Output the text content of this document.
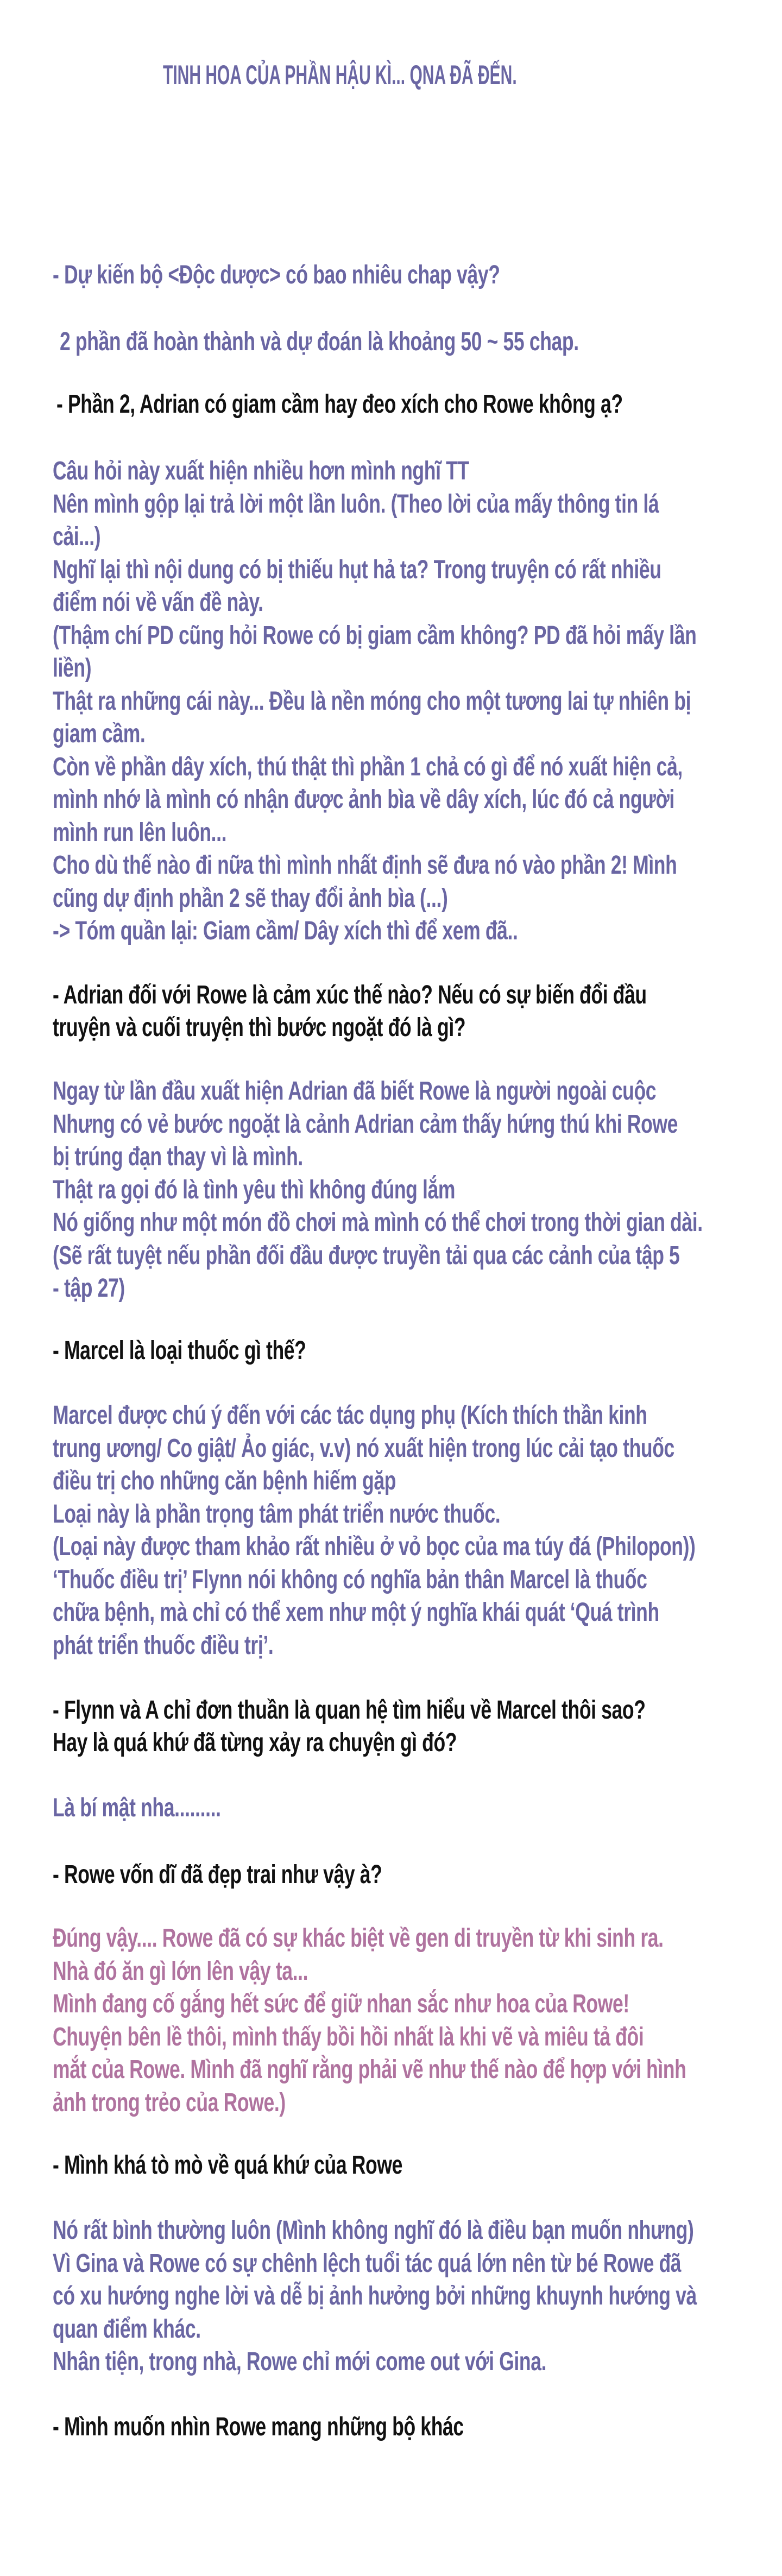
TINH HOA CỦA PHẦN HẬU KÌ... QNA ĐÃ ĐẾN.
- Dự kiến bộ <Độc dược> có bao nhiêu chap vậy?
2 phần đã hoàn thành và dự đoán là khoảng 50 ~ 55 chap.
- Phần 2, Adrian có giam cầm hay đeo xích cho Rowe không ạ?
Câu hỏi này xuất hiện nhiều hơn mình nghĩ TT
Nên mình gộp lại trả lời một lần luôn. (Theo lời của mấy thông tin lá
cải...)
Nghĩ lại thì nội dung có bị thiếu hụt hả ta? Trong truyện có rất nhiều
điểm nói về vấn đề này.
(Thậm chí PD cũng hỏi Rowe có bị giam cầm không? PD đã hỏi mấy lần
liền)
Thật ra những cái này... Đều là nền móng cho một tương lai tự nhiên bị
giam cầm.
Còn về phần dây xích, thú thật thì phần 1 chả có gì để nó xuất hiện cả,
mình nhớ là mình có nhận được ảnh bìa về dây xích, lúc đó cả người
mình run lên luôn...
Cho dù thế nào đi nữa thì mình nhất định sẽ đưa nó vào phần 2! Mình
cũng dự định phần 2 sẽ thay đổi ảnh bìa (...)
-> Tóm quần lại: Giam cầm/ Dây xích thì để xem đã..
- Adrian đối với Rowe là cảm xúc thế nào? Nếu có sự biến đổi đầu
truyện và cuối truyện thì bước ngoặt đó là gì?
Ngay từ lần đầu xuất hiện Adrian đã biết Rowe là người ngoài cuộc
Nhưng có vẻ bước ngoặt là cảnh Adrian cảm thấy hứng thú khi Rowe
bị trúng đạn thay vì là mình.
Thật ra gọi đó là tình yêu thì không đúng lắm
Nó giống như một món đồ chơi mà mình có thể chơi trong thời gian dài.
(Sẽ rất tuyệt nếu phần đối đầu được truyền tải qua các cảnh của tập 5
- tập 27)
- Marcel là loại thuốc gì thế?
Marcel được chú ý đến với các tác dụng phụ (Kích thích thần kinh
trung ương/ Co giật/ Ảo giác, v.v) nó xuất hiện trong lúc cải tạo thuốc
điều trị cho những căn bệnh hiếm gặp
Loại này là phần trọng tâm phát triển nước thuốc.
(Loại này được tham khảo rất nhiều ở vỏ bọc của ma túy đá (Philopon))
‘Thuốc điều trị’ Flynn nói không có nghĩa bản thân Marcel là thuốc
chữa bệnh, mà chỉ có thể xem như một ý nghĩa khái quát ‘Quá trình
phát triển thuốc điều trị’.
- Flynn và A chỉ đơn thuần là quan hệ tìm hiểu về Marcel thôi sao?
Hay là quá khứ đã từng xảy ra chuyện gì đó?
Là bí mật nha.........
- Rowe vốn dĩ đã đẹp trai như vậy à?
Đúng vậy.... Rowe đã có sự khác biệt về gen di truyền từ khi sinh ra.
Nhà đó ăn gì lớn lên vậy ta...
Mình đang cố gắng hết sức để giữ nhan sắc như hoa của Rowe!
Chuyện bên lề thôi, mình thấy bồi hồi nhất là khi vẽ và miêu tả đôi
mắt của Rowe. Mình đã nghĩ rằng phải vẽ như thế nào để hợp với hình
ảnh trong trẻo của Rowe.)
- Mình khá tò mò về quá khứ của Rowe
Nó rất bình thường luôn (Mình không nghĩ đó là điều bạn muốn nhưng)
Vì Gina và Rowe có sự chênh lệch tuổi tác quá lớn nên từ bé Rowe đã
có xu hướng nghe lời và dễ bị ảnh hưởng bởi những khuynh hướng và
quan điểm khác.
Nhân tiện, trong nhà, Rowe chỉ mới come out với Gina.
- Mình muốn nhìn Rowe mang những bộ khác
